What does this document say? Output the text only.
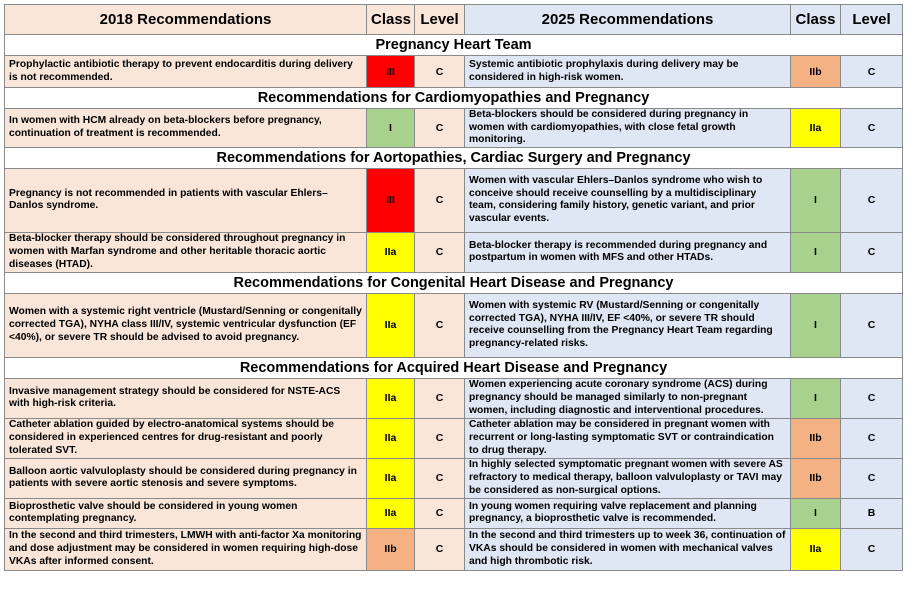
2018 Recommendations	Class	Level	2025 Recommendations	Class	Level
Pregnancy Heart Team					
Prophylactic antibiotic therapy to prevent endocarditis during delivery is not recommended.	III	C	Systemic antibiotic prophylaxis during delivery may be considered in high-risk women.	IIb	C
Recommendations for Cardiomyopathies and Pregnancy					
In women with HCM already on beta-blockers before pregnancy, continuation of treatment is recommended.	I	C	Beta-blockers should be considered during pregnancy in women with cardiomyopathies, with close fetal growth monitoring.	IIa	C
Recommendations for Aortopathies, Cardiac Surgery and Pregnancy					
Pregnancy is not recommended in patients with vascular Ehlers–Danlos syndrome.	III	C	Women with vascular Ehlers–Danlos syndrome who wish to conceive should receive counselling by a multidisciplinary team, considering family history, genetic variant, and prior vascular events.	I	C
Beta-blocker therapy should be considered throughout pregnancy in women with Marfan syndrome and other heritable thoracic aortic diseases (HTAD).	IIa	C	Beta-blocker therapy is recommended during pregnancy and postpartum in women with MFS and other HTADs.	I	C
Recommendations for Congenital Heart Disease and Pregnancy					
Women with a systemic right ventricle (Mustard/Senning or congenitally corrected TGA), NYHA class III/IV, systemic ventricular dysfunction (EF <40%), or severe TR should be advised to avoid pregnancy.	IIa	C	Women with systemic RV (Mustard/Senning or congenitally corrected TGA), NYHA III/IV, EF <40%, or severe TR should receive counselling from the Pregnancy Heart Team regarding pregnancy-related risks.	I	C
Recommendations for Acquired Heart Disease and Pregnancy					
Invasive management strategy should be considered for NSTE-ACS with high-risk criteria.	IIa	C	Women experiencing acute coronary syndrome (ACS) during pregnancy should be managed similarly to non-pregnant women, including diagnostic and interventional procedures.	I	C
Catheter ablation guided by electro-anatomical systems should be considered in experienced centres for drug-resistant and poorly tolerated SVT.	IIa	C	Catheter ablation may be considered in pregnant women with recurrent or long-lasting symptomatic SVT or contraindication to drug therapy.	IIb	C
Balloon aortic valvuloplasty should be considered during pregnancy in patients with severe aortic stenosis and severe symptoms.	IIa	C	In highly selected symptomatic pregnant women with severe AS refractory to medical therapy, balloon valvuloplasty or TAVI may be considered as non-surgical options.	IIb	C
Bioprosthetic valve should be considered in young women contemplating pregnancy.	IIa	C	In young women requiring valve replacement and planning pregnancy, a bioprosthetic valve is recommended.	I	B
In the second and third trimesters, LMWH with anti-factor Xa monitoring and dose adjustment may be considered in women requiring high-dose VKAs after informed consent.	IIb	C	In the second and third trimesters up to week 36, continuation of VKAs should be considered in women with mechanical valves and high thrombotic risk.	IIa	C
